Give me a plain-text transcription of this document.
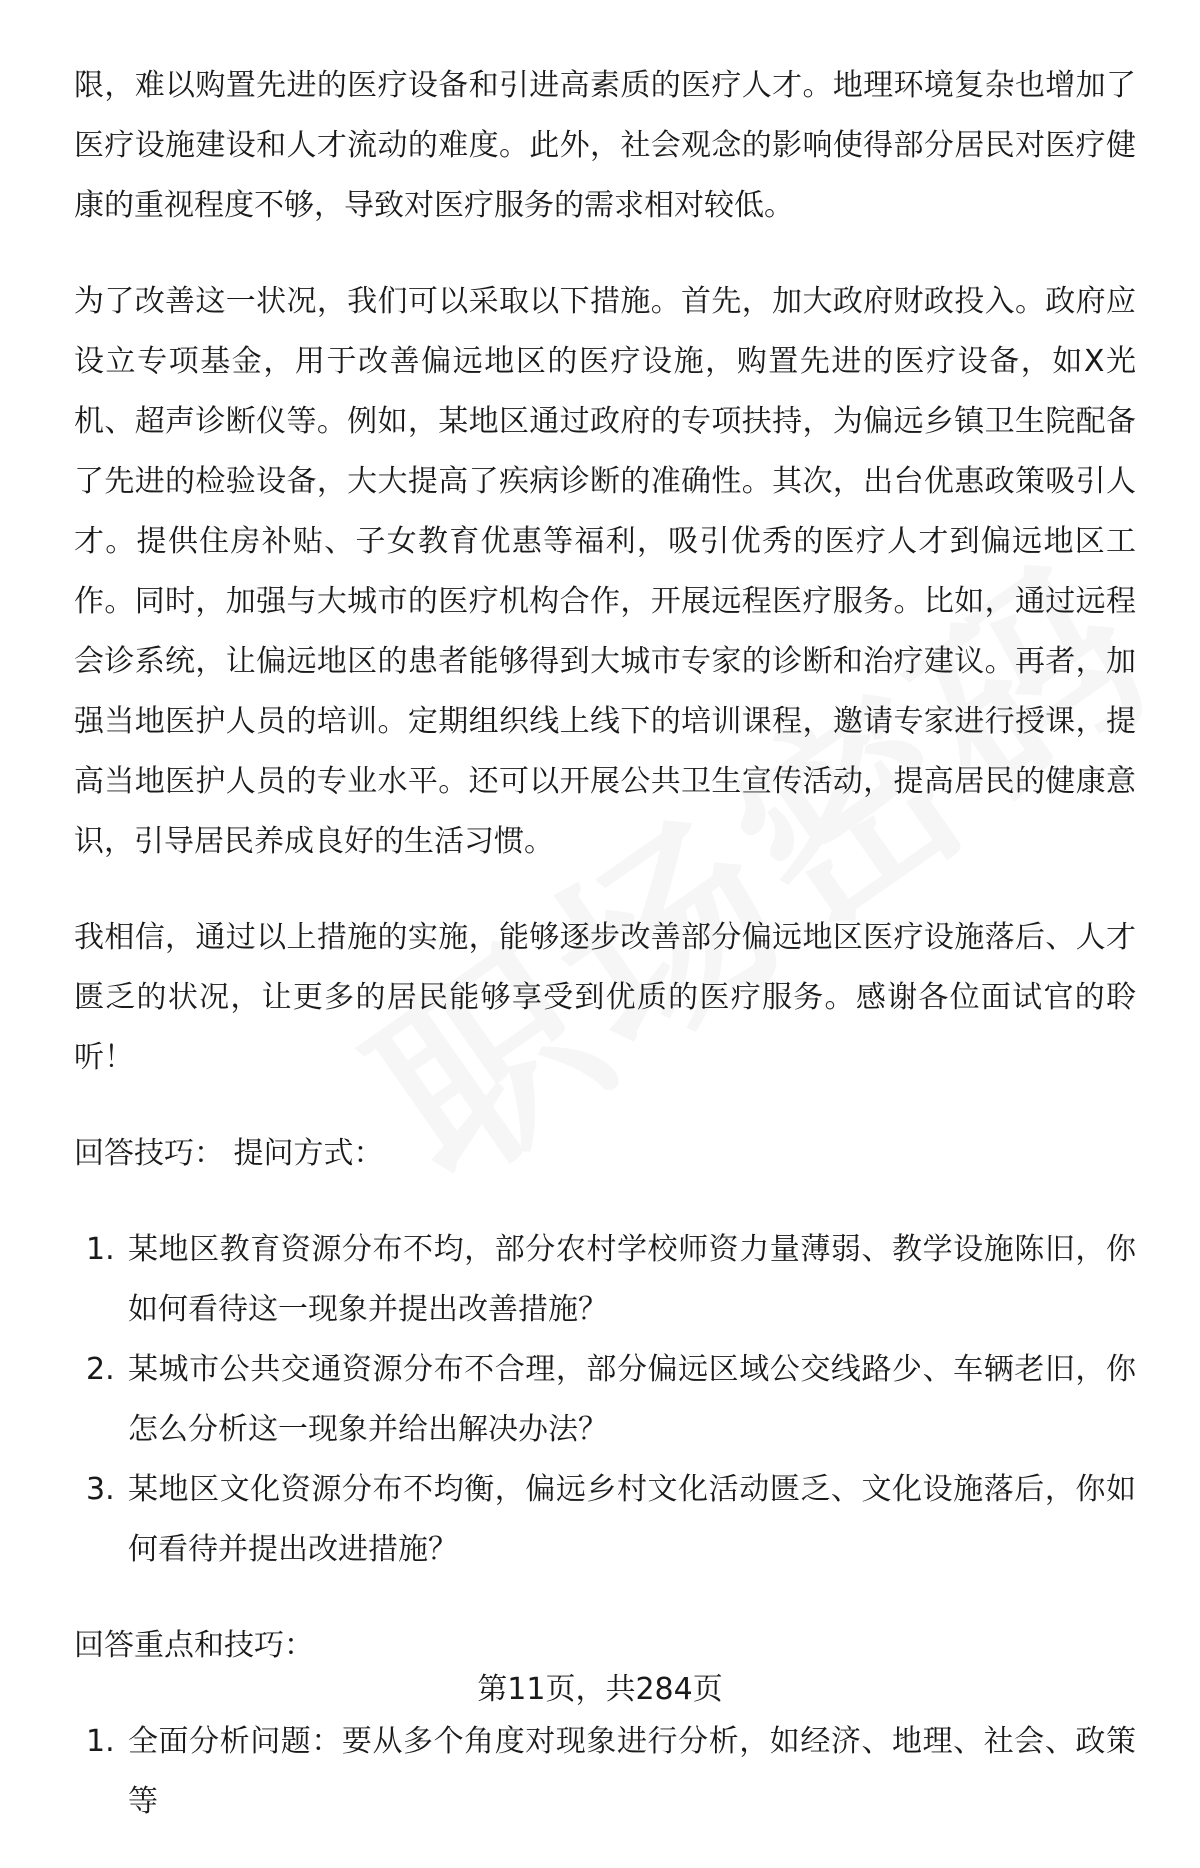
限，难以购置先进的医疗设备和引进高素质的医疗人才。地理环境复杂也增加了医疗设施建设和人才流动的难度。此外，社会观念的影响使得部分居民对医疗健康的重视程度不够，导致对医疗服务的需求相对较低。

为了改善这一状况，我们可以采取以下措施。首先，加大政府财政投入。政府应设立专项基金，用于改善偏远地区的医疗设施，购置先进的医疗设备，如X光机、超声诊断仪等。例如，某地区通过政府的专项扶持，为偏远乡镇卫生院配备了先进的检验设备，大大提高了疾病诊断的准确性。其次，出台优惠政策吸引人才。提供住房补贴、子女教育优惠等福利，吸引优秀的医疗人才到偏远地区工作。同时，加强与大城市的医疗机构合作，开展远程医疗服务。比如，通过远程会诊系统，让偏远地区的患者能够得到大城市专家的诊断和治疗建议。再者，加强当地医护人员的培训。定期组织线上线下的培训课程，邀请专家进行授课，提高当地医护人员的专业水平。还可以开展公共卫生宣传活动，提高居民的健康意识，引导居民养成良好的生活习惯。

我相信，通过以上措施的实施，能够逐步改善部分偏远地区医疗设施落后、人才匮乏的状况，让更多的居民能够享受到优质的医疗服务。感谢各位面试官的聆听！

回答技巧： 提问方式：
1. 某地区教育资源分布不均，部分农村学校师资力量薄弱、教学设施陈旧，你如何看待这一现象并提出改善措施？
2. 某城市公共交通资源分布不合理，部分偏远区域公交线路少、车辆老旧，你怎么分析这一现象并给出解决办法？
3. 某地区文化资源分布不均衡，偏远乡村文化活动匮乏、文化设施落后，你如何看待并提出改进措施？
回答重点和技巧：
1. 全面分析问题：要从多个角度对现象进行分析，如经济、地理、社会、政策等
第11页，共284页
